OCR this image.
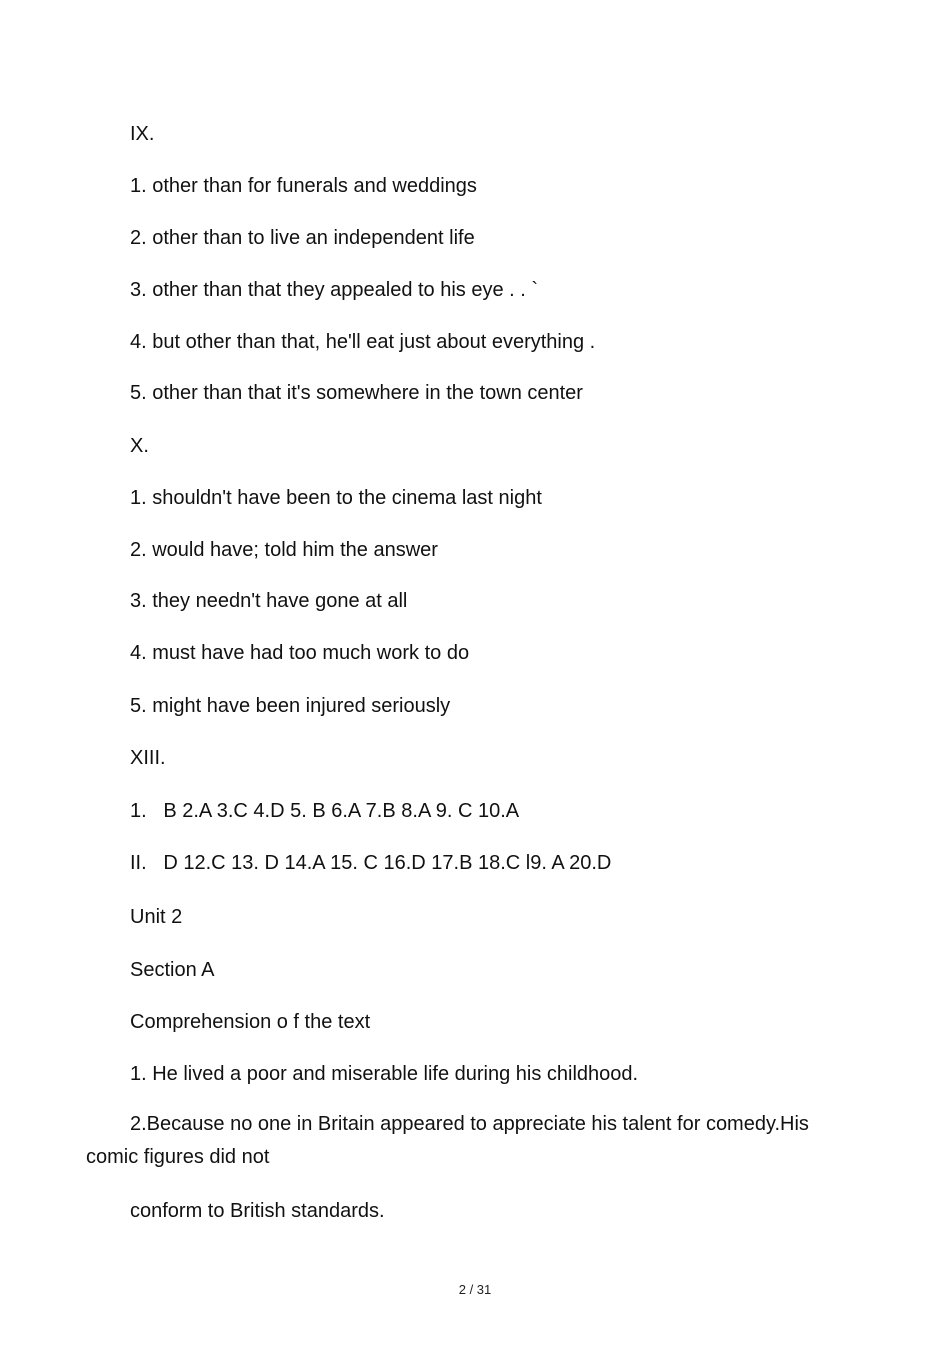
IX.

1. other than for funerals and weddings

2. other than to live an independent life

3. other than that they appealed to his eye . . `

4. but other than that, he'll eat just about everything .

5. other than that it's somewhere in the town center

X.

1. shouldn't have been to the cinema last night

2. would have; told him the answer

3. they needn't have gone at all

4. must have had too much work to do

5. might have been injured seriously

XIII.

1.   B 2.A 3.C 4.D 5. B 6.A 7.B 8.A 9. C 10.A

II.   D 12.C 13. D 14.A 15. C 16.D 17.B 18.C l9. A 20.D

Unit 2

Section A

Comprehension o f the text

1. He lived a poor and miserable life during his childhood.

2.Because no one in Britain appeared to appreciate his talent for comedy.His comic figures did not

conform to British standards.

2 / 31
